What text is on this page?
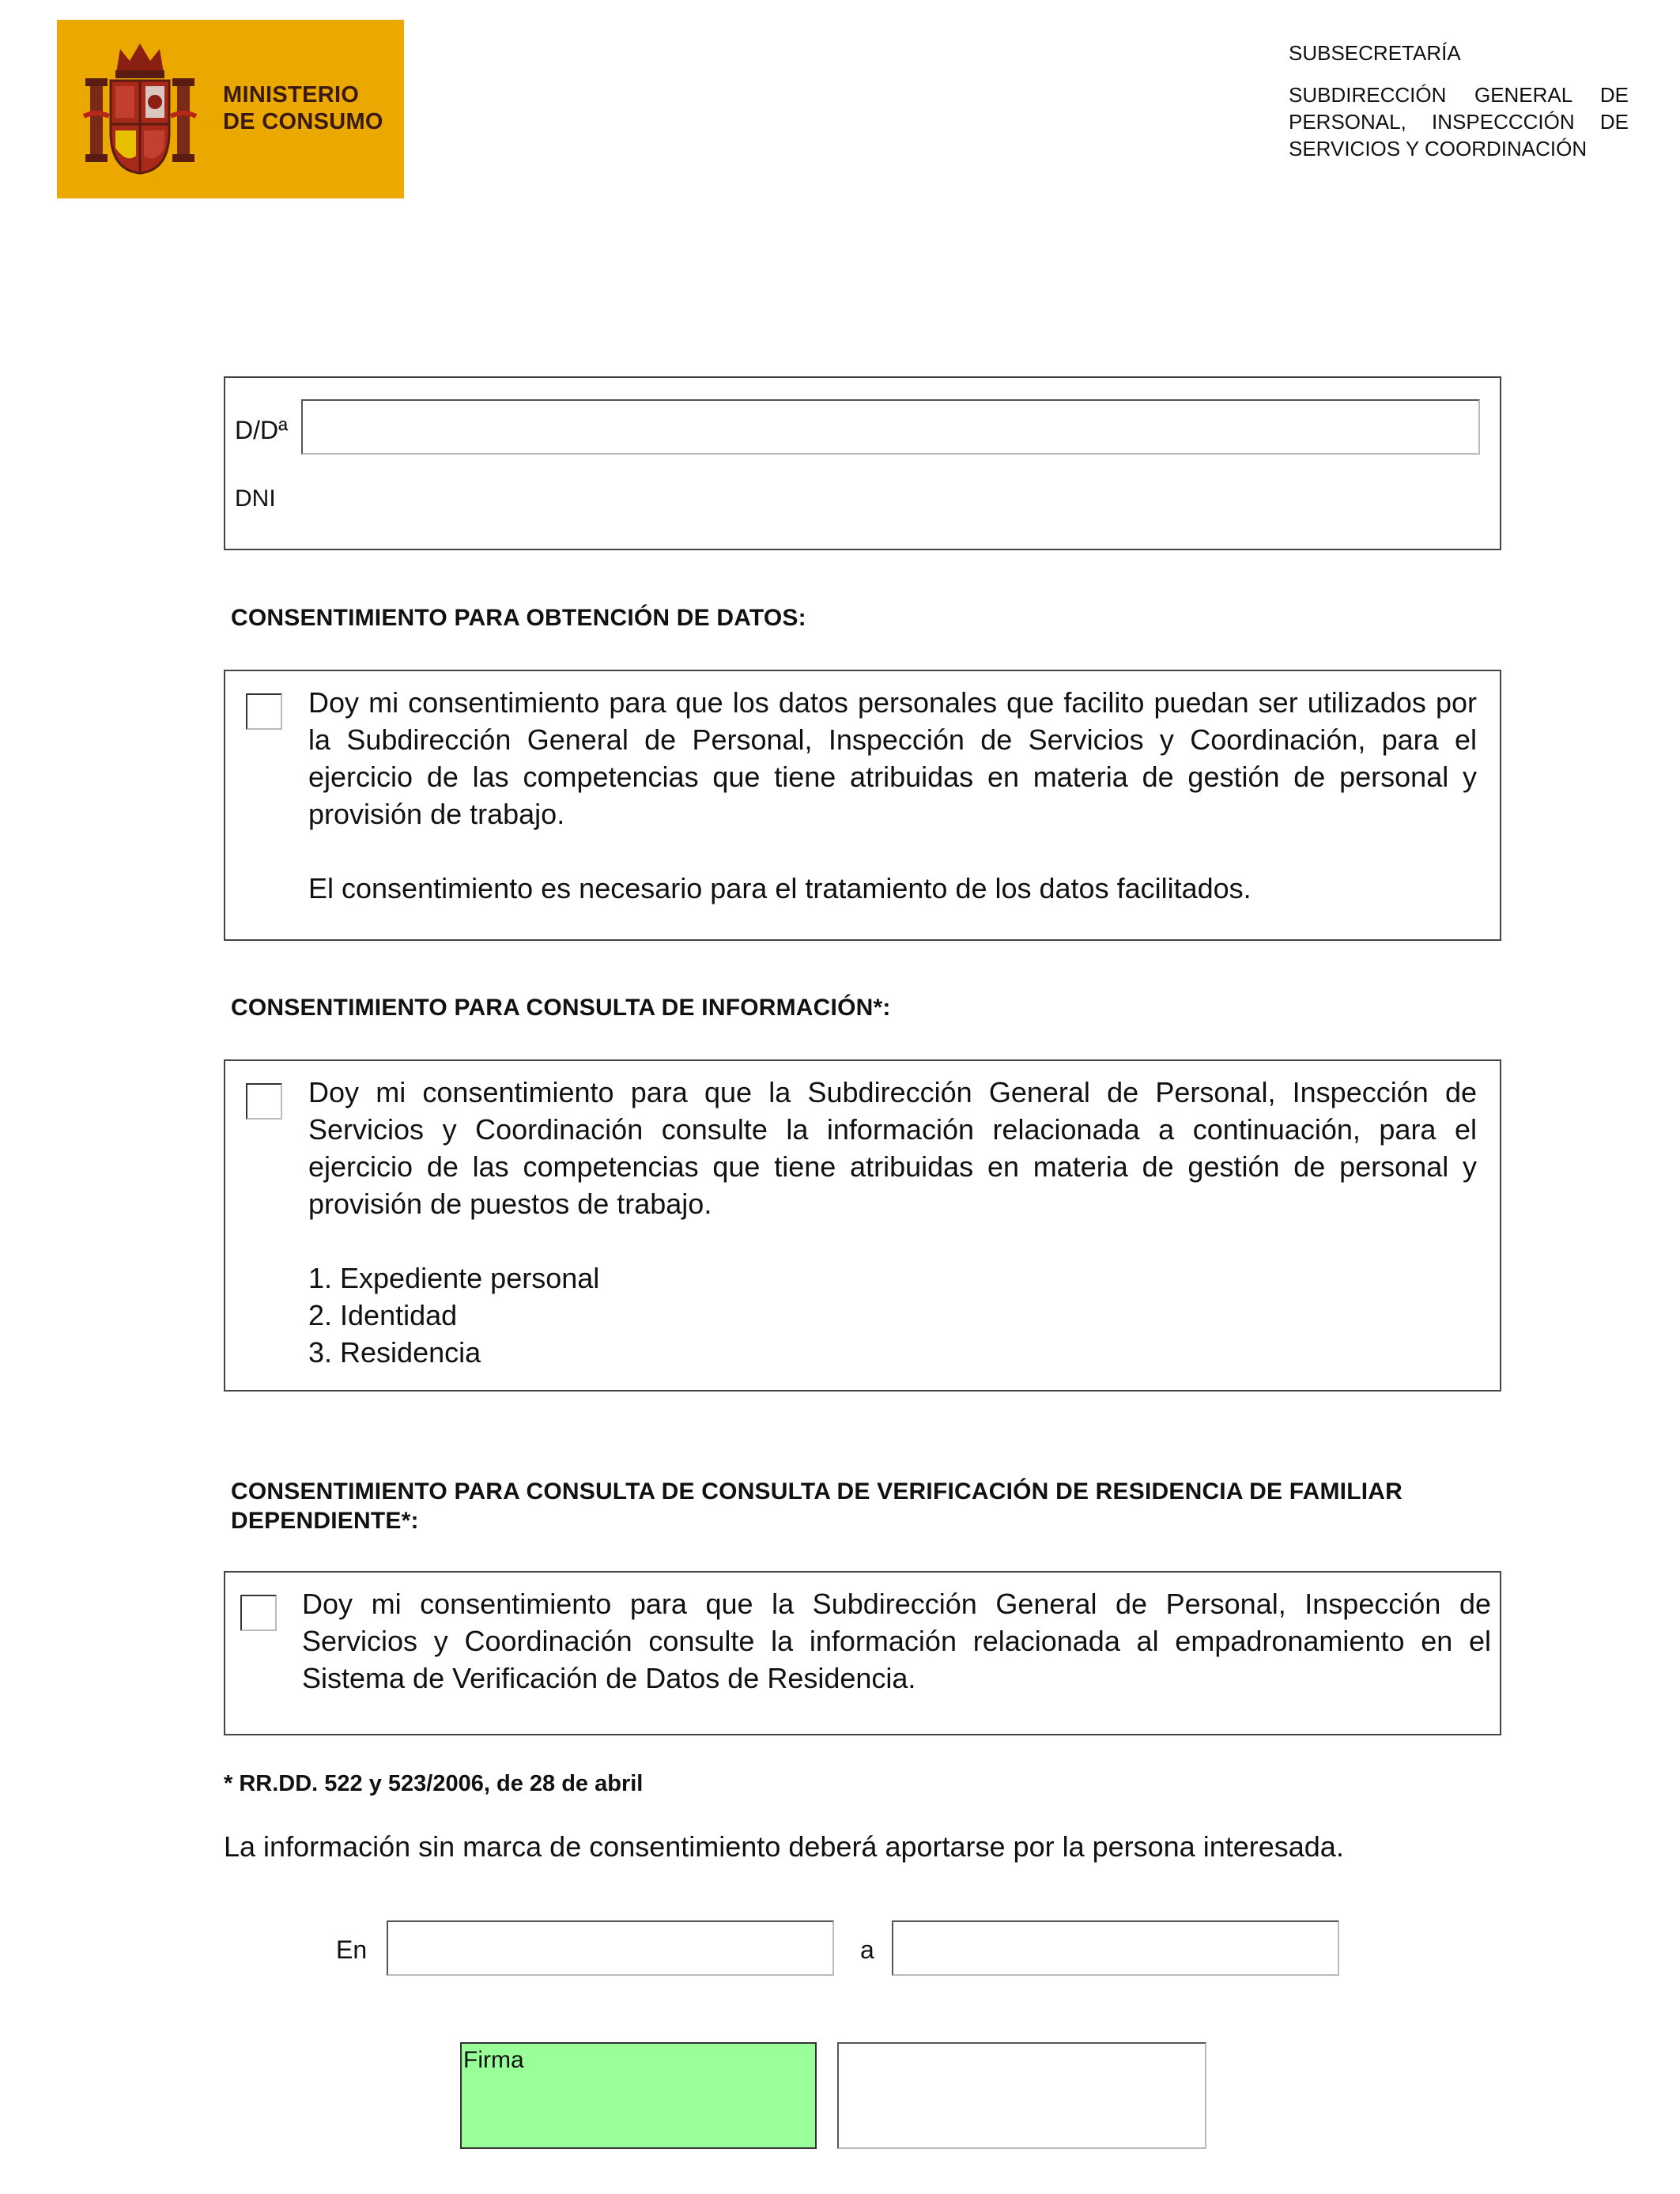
MINISTERIO
DE CONSUMO
SUBSECRETARÍA
SUBDIRECCIÓN GENERAL DE PERSONAL, INSPECCCIÓN DE SERVICIOS Y COORDINACIÓN
D/Dª
DNI
CONSENTIMIENTO PARA OBTENCIÓN DE DATOS:
Doy mi consentimiento para que los datos personales que facilito puedan ser utilizados por la Subdirección General de Personal, Inspección de Servicios y Coordinación, para el ejercicio de las competencias que tiene atribuidas en materia de gestión de personal y provisión de trabajo.
El consentimiento es necesario para el tratamiento de los datos facilitados.
CONSENTIMIENTO PARA CONSULTA DE INFORMACIÓN*:
Doy mi consentimiento para que la Subdirección General de Personal, Inspección de Servicios y Coordinación consulte la información relacionada a continuación, para el ejercicio de las competencias que tiene atribuidas en materia de gestión de personal y provisión de puestos de trabajo.
1. Expediente personal
2. Identidad
3. Residencia
CONSENTIMIENTO PARA CONSULTA DE CONSULTA DE VERIFICACIÓN DE RESIDENCIA DE FAMILIAR DEPENDIENTE*:
Doy mi consentimiento para que la Subdirección General de Personal, Inspección de Servicios y Coordinación consulte la información relacionada al empadronamiento en el Sistema de Verificación de Datos de Residencia.
* RR.DD. 522 y 523/2006, de 28 de abril
La información sin marca de consentimiento deberá aportarse por la persona interesada.
En	a
Firma
